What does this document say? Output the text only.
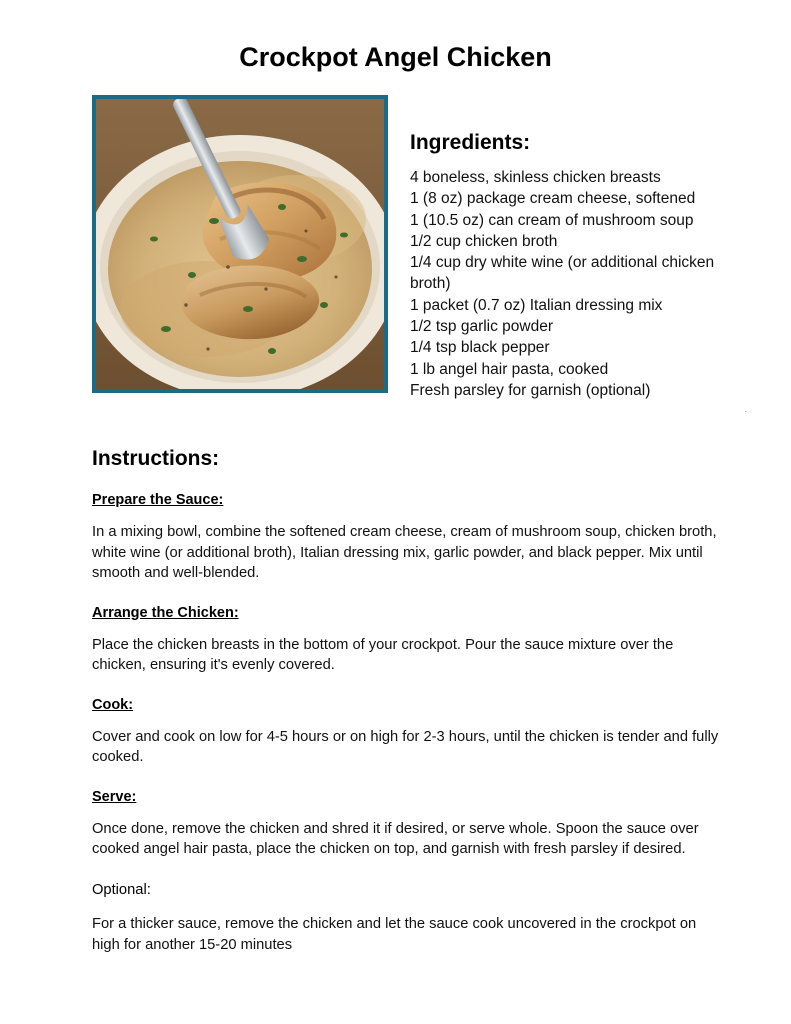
Crockpot Angel Chicken
Ingredients:
4 boneless, skinless chicken breasts
1 (8 oz) package cream cheese, softened
1 (10.5 oz) can cream of mushroom soup
1/2 cup chicken broth
1/4 cup dry white wine (or additional chicken broth)
1 packet (0.7 oz) Italian dressing mix
1/2 tsp garlic powder
1/4 tsp black pepper
1 lb angel hair pasta, cooked
Fresh parsley for garnish (optional)
.
Instructions:
Prepare the Sauce:

In a mixing bowl, combine the softened cream cheese, cream of mushroom soup, chicken broth, white wine (or additional broth), Italian dressing mix, garlic powder, and black pepper. Mix until smooth and well-blended.

Arrange the Chicken:

Place the chicken breasts in the bottom of your crockpot. Pour the sauce mixture over the chicken, ensuring it's evenly covered.

Cook:

Cover and cook on low for 4-5 hours or on high for 2-3 hours, until the chicken is tender and fully cooked.

Serve:

Once done, remove the chicken and shred it if desired, or serve whole. Spoon the sauce over cooked angel hair pasta, place the chicken on top, and garnish with fresh parsley if desired.

Optional:

For a thicker sauce, remove the chicken and let the sauce cook uncovered in the crockpot on high for another 15-20 minutes
